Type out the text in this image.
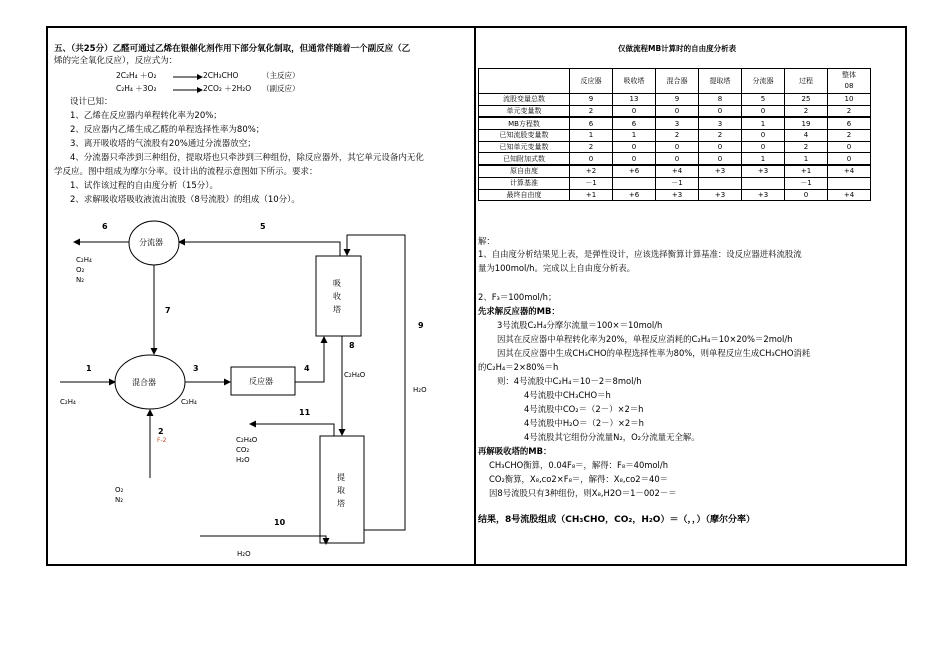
五、（共25分）乙醛可通过乙烯在银催化剂作用下部分氧化制取，但通常伴随着一个副反应（乙
烯的完全氧化反应），反应式为：
2C₂H₄ ＋O₂ → 2CH₃CHO	（主反应）
C₂H₄ ＋3O₂ → 2CO₂ ＋2H₂O （副反应）
设计已知：
1、乙烯在反应器内单程转化率为20%；
2、反应器内乙烯生成乙醛的单程选择性率为80%；
3、离开吸收塔的气流股有20%通过分流器放空；
4、分流器只牵涉到三种组份，提取塔也只牵涉到三种组份，除反应器外，其它单元设备内无化
学反应。图中组成为摩尔分率。设计出的流程示意图如下所示。要求：
1、试作该过程的自由度分析（15分）。
2、求解吸收塔吸收液流出流股（8号流股）的组成（10分）。
分流器
混合器	反应器
吸收塔
提取塔
6	5
7
1	3	4
2
8
9
11
10
C₂H₄
O₂
N₂
C₂H₄	C₂H₄
F-2
O₂
N₂
C₂H₄O
H₂O
C₂H₄O
CO₂
H₂O
H₂O
仅做流程MB计算时的自由度分析表
	反应器	吸收塔	混合器	提取塔	分流器	过程	整体
08
流股变量总数	9	13	9	8	5	25	10
单元变量数	2	0	0	0	0	2	2
MB方程数	6	6	3	3	1	19	6
已知流股变量数	1	1	2	2	0	4	2
已知单元变量数	2	0	0	0	0	2	0
已知附加式数	0	0	0	0	1	1	0
原自由度	+2	+6	+4	+3	+3	+1	+4
计算基准	－1		－1			－1	
最终自由度	+1	+6	+3	+3	+3	0	+4
解：
1、自由度分析结果见上表，是弹性设计，应该选择衡算计算基准：设反应器进料流股流
量为100mol/h。完成以上自由度分析表。
2、F₃＝100mol/h；
先求解反应器的MB：
3号流股C₂H₄分摩尔流量＝100×＝10mol/h
因其在反应器中单程转化率为20%，单程反应消耗的C₂H₄＝10×20%＝2mol/h
因其在反应器中生成CH₃CHO的单程选择性率为80%，则单程反应生成CH₃CHO消耗
的C₂H₄＝2×80%＝h
则：4号流股中C₂H₄＝10－2＝8mol/h
4号流股中CH₃CHO＝h
4号流股中CO₂＝（2－）×2＝h
4号流股中H₂O＝（2－）×2＝h
4号流股其它组份分流量N₂，O₂分流量无全解。
再解吸收塔的MB：
CH₃CHO衡算，0.04F₈＝，解得：F₈＝40mol/h
CO₂衡算，X₈,co2×F₈＝，解得：X₈,co2＝40＝
因8号流股只有3种组份，则X₈,H2O＝1－002－＝
结果，8号流股组成（CH₃CHO，CO₂，H₂O）＝（，，）（摩尔分率）
